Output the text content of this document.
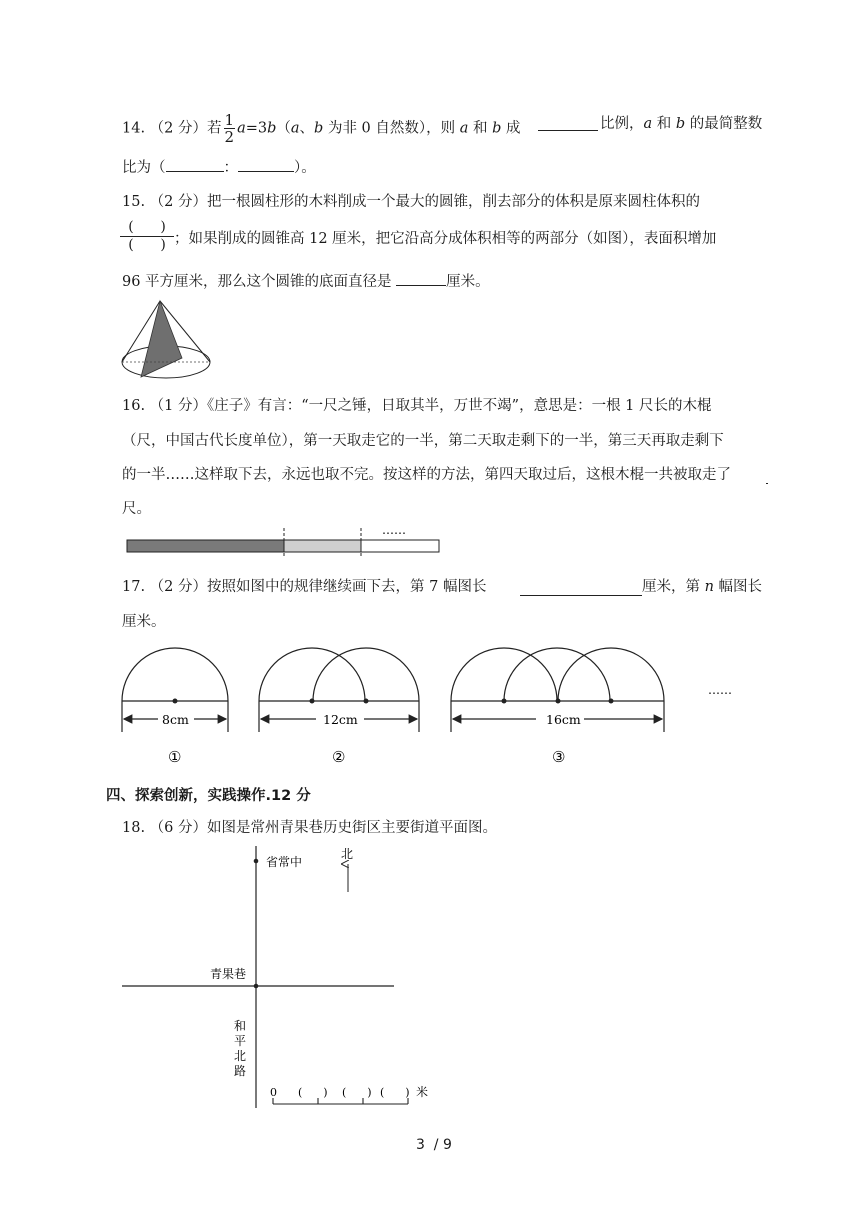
14. （2 分）若 $\frac{1}{2} a=3b(a$、b 为非 0 自然数），则 a 和 b 成	比例，a 和 b 的最简整数
比为（	：	）。
15. （2 分）把一根圆柱形的木料削成一个最大的圆锥，削去部分的体积是原来圆柱体积的
(      )
(      ) ；如果削成的圆锥高 12 厘米，把它沿高分成体积相等的两部分（如图），表面积增加
96 平方厘米，那么这个圆锥的底面直径是	厘米。
16. （1 分）《庄子》有言：“一尺之锤，日取其半，万世不竭”，意思是：一根 1 尺长的木棍
（尺，中国古代长度单位），第一天取走它的一半，第二天取走剩下的一半，第三天再取走剩下
的一半……这样取下去，永远也取不完。按这样的方法，第四天取过后，这根木棍一共被取走了
尺。
……
17. （2 分）按照如图中的规律继续画下去，第 7 幅图长	厘米，第 n 幅图长
厘米。
8cm
①
12cm
②
16cm
③
……
四、探索创新，实践操作.12 分
18. （6 分）如图是常州青果巷历史街区主要街道平面图。
省常中
北
青果巷
和
平
北
路
0 (      ) (      ) (      ) 米
3  / 9
